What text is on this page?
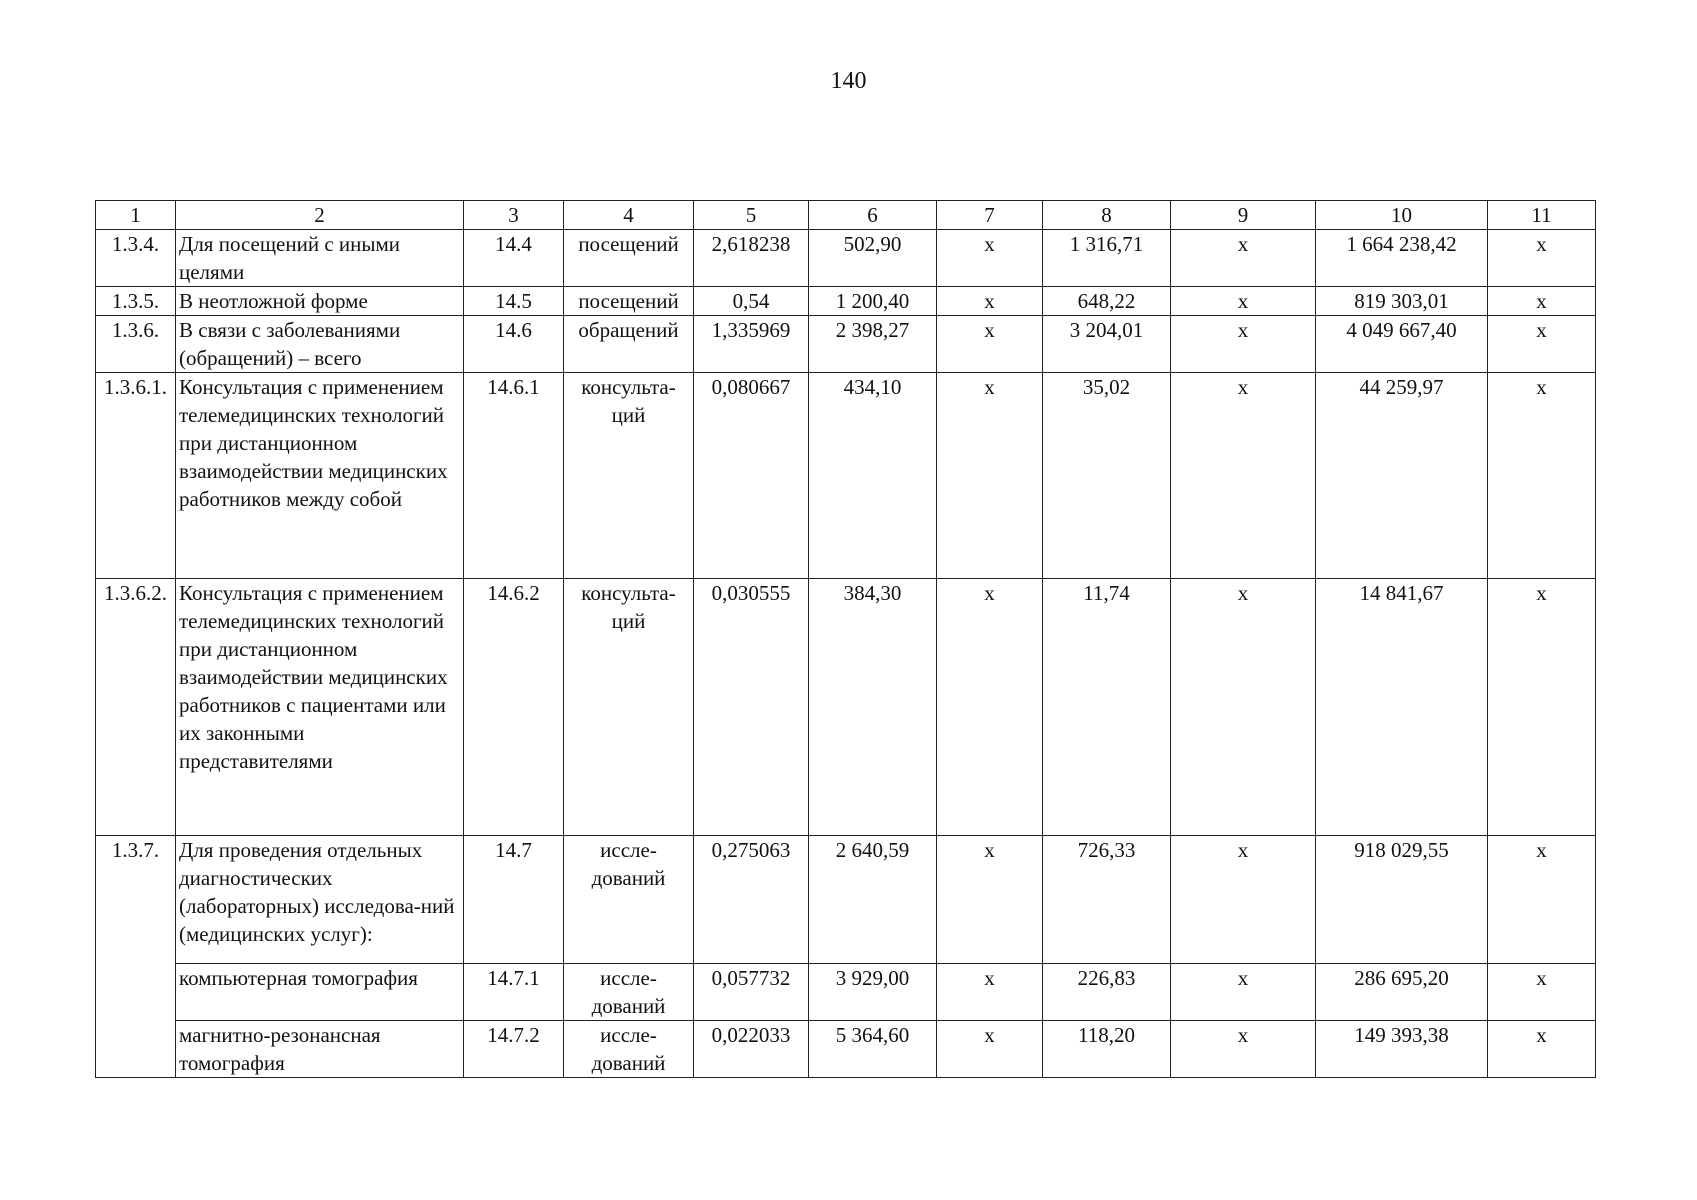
140
1	2	3	4	5	6	7	8	9	10	11
1.3.4.	Для посещений с иными целями	14.4	посещений	2,618238	502,90	х	1 316,71	х	1 664 238,42	х
1.3.5.	В неотложной форме	14.5	посещений	0,54	1 200,40	х	648,22	х	819 303,01	х
1.3.6.	В связи с заболеваниями (обращений) – всего	14.6	обращений	1,335969	2 398,27	х	3 204,01	х	4 049 667,40	х
1.3.6.1.	Консультация с применением телемедицинских технологий при дистанционном взаимодействии медицинских работников между собой	14.6.1	консульта-ций	0,080667	434,10	х	35,02	х	44 259,97	х
1.3.6.2.	Консультация с применением телемедицинских технологий при дистанционном взаимодействии медицинских работников с пациентами или их законными представителями	14.6.2	консульта-ций	0,030555	384,30	х	11,74	х	14 841,67	х
1.3.7.	Для проведения отдельных диагностических (лабораторных) исследова-ний (медицинских услуг):	14.7	иссле-дований	0,275063	2 640,59	х	726,33	х	918 029,55	х
	компьютерная томография	14.7.1	иссле-дований	0,057732	3 929,00	х	226,83	х	286 695,20	х
	магнитно-резонансная томография	14.7.2	иссле-дований	0,022033	5 364,60	х	118,20	х	149 393,38	х
